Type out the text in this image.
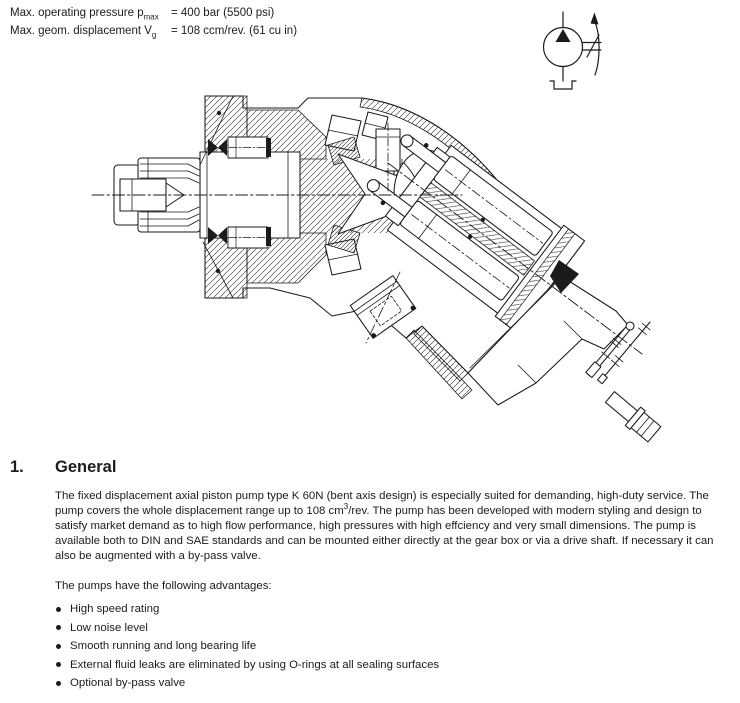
Max. operating pressure $p_{max}$	= 400 bar (5500 psi)
Max. geom. displacement $V_g$	= 108 ccm/rev. (61 cu in)
1. General

The fixed displacement axial piston pump type K 60N (bent axis design) is especially suited for demanding, high-duty service. The pump covers the whole displacement range up to 108 $cm^3$/rev. The pump has been developed with modern styling and design to satisfy market demand as to high flow performance, high pressures with high effciency and very small dimensions. The pump is available both to DIN and SAE standards and can be mounted either directly at the gear box or via a drive shaft. If necessary it can also be augmented with a by-pass valve.

The pumps have the following advantages:

High speed rating
Low noise level
Smooth running and long bearing life
External fluid leaks are eliminated by using O-rings at all sealing surfaces
Optional by-pass valve
